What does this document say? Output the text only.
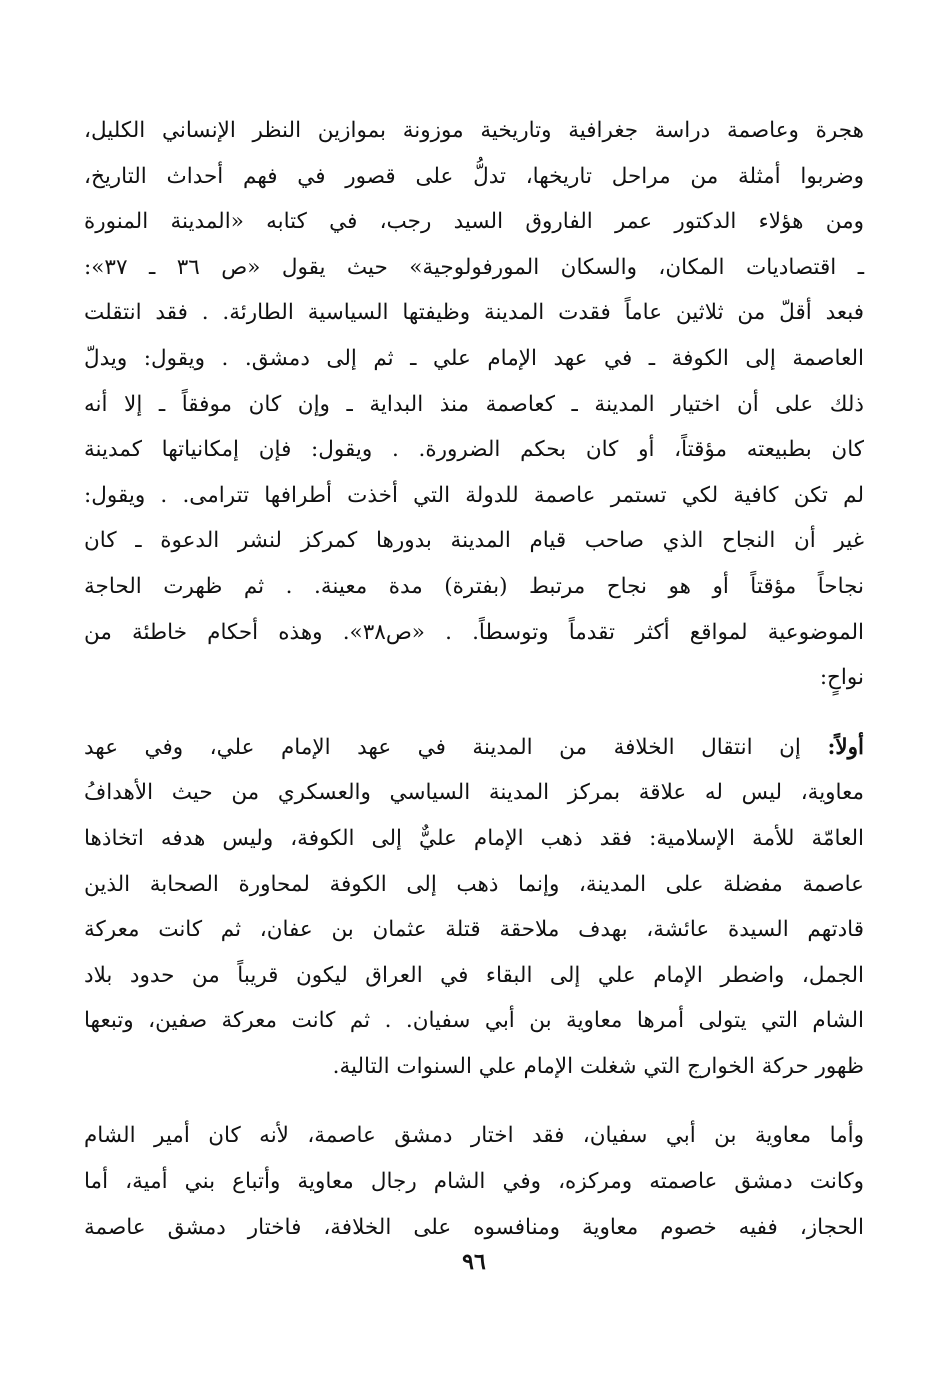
هجرة وعاصمة دراسة جغرافية وتاريخية موزونة بموازين النظر الإنساني الكليل،
وضربوا أمثلة من مراحل تاريخها، تدلُّ على قصور في فهم أحداث التاريخ،
ومن هؤلاء الدكتور عمر الفاروق السيد رجب، في كتابه «المدينة المنورة
ـ اقتصاديات المكان، والسكان المورفولوجية» حيث يقول «ص ٣٦ ـ ٣٧»:
فبعد أقلّ من ثلاثين عاماً فقدت المدينة وظيفتها السياسية الطارئة. . فقد انتقلت
العاصمة إلى الكوفة ـ في عهد الإمام علي ـ ثم إلى دمشق. . ويقول: ويدلّ
ذلك على أن اختيار المدينة ـ كعاصمة منذ البداية ـ وإن كان موفقاً ـ إلا أنه
كان بطبيعته مؤقتاً، أو كان بحكم الضرورة. . ويقول: فإن إمكانياتها كمدينة
لم تكن كافية لكي تستمر عاصمة للدولة التي أخذت أطرافها تترامى. . ويقول:
غير أن النجاح الذي صاحب قيام المدينة بدورها كمركز لنشر الدعوة ـ كان
نجاحاً مؤقتاً أو هو نجاح مرتبط (بفترة) مدة معينة. . ثم ظهرت الحاجة
الموضوعية لمواقع أكثر تقدماً وتوسطاً. . «ص٣٨». وهذه أحكام خاطئة من
نواحٍ:
أولاً: إن انتقال الخلافة من المدينة في عهد الإمام علي، وفي عهد
معاوية، ليس له علاقة بمركز المدينة السياسي والعسكري من حيث الأهدافُ
العامّة للأمة الإسلامية: فقد ذهب الإمام عليٌّ إلى الكوفة، وليس هدفه اتخاذها
عاصمة مفضلة على المدينة، وإنما ذهب إلى الكوفة لمحاورة الصحابة الذين
قادتهم السيدة عائشة، بهدف ملاحقة قتلة عثمان بن عفان، ثم كانت معركة
الجمل، واضطر الإمام علي إلى البقاء في العراق ليكون قريباً من حدود بلاد
الشام التي يتولى أمرها معاوية بن أبي سفيان. . ثم كانت معركة صفين، وتبعها
ظهور حركة الخوارج التي شغلت الإمام علي السنوات التالية.
وأما معاوية بن أبي سفيان، فقد اختار دمشق عاصمة، لأنه كان أمير الشام
وكانت دمشق عاصمته ومركزه، وفي الشام رجال معاوية وأتباع بني أمية، أما
الحجاز، ففيه خصوم معاوية ومنافسوه على الخلافة، فاختار دمشق عاصمة
٩٦
